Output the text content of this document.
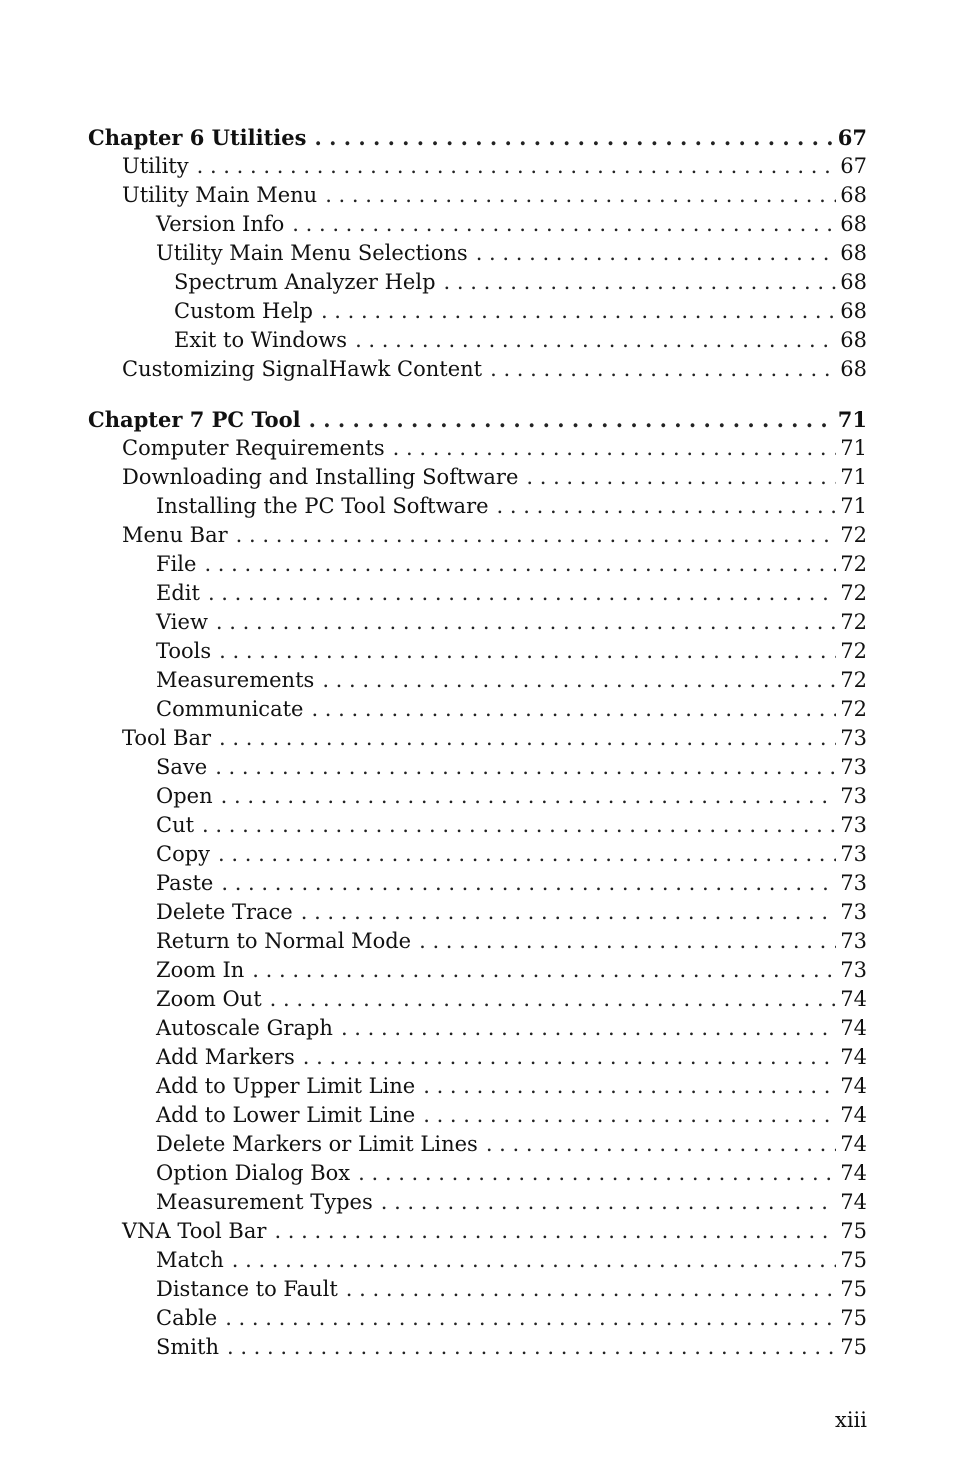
Chapter 6 Utilities . . .	67
Utility . . .	67
Utility Main Menu . . .	68
Version Info . . .	68
Utility Main Menu Selections . . .	68
Spectrum Analyzer Help . . .	68
Custom Help . . .	68
Exit to Windows . . .	68
Customizing SignalHawk Content . . .	68
Chapter 7 PC Tool . . .	71
Computer Requirements . . .	71
Downloading and Installing Software . . .	71
Installing the PC Tool Software . . .	71
Menu Bar . . .	72
File . . .	72
Edit . . .	72
View . . .	72
Tools . . .	72
Measurements . . .	72
Communicate . . .	72
Tool Bar . . .	73
Save . . .	73
Open . . .	73
Cut . . .	73
Copy . . .	73
Paste . . .	73
Delete Trace . . .	73
Return to Normal Mode . . .	73
Zoom In . . .	73
Zoom Out . . .	74
Autoscale Graph . . .	74
Add Markers . . .	74
Add to Upper Limit Line . . .	74
Add to Lower Limit Line . . .	74
Delete Markers or Limit Lines . . .	74
Option Dialog Box . . .	74
Measurement Types . . .	74
VNA Tool Bar . . .	75
Match . . .	75
Distance to Fault . . .	75
Cable . . .	75
Smith . . .	75
xiii
